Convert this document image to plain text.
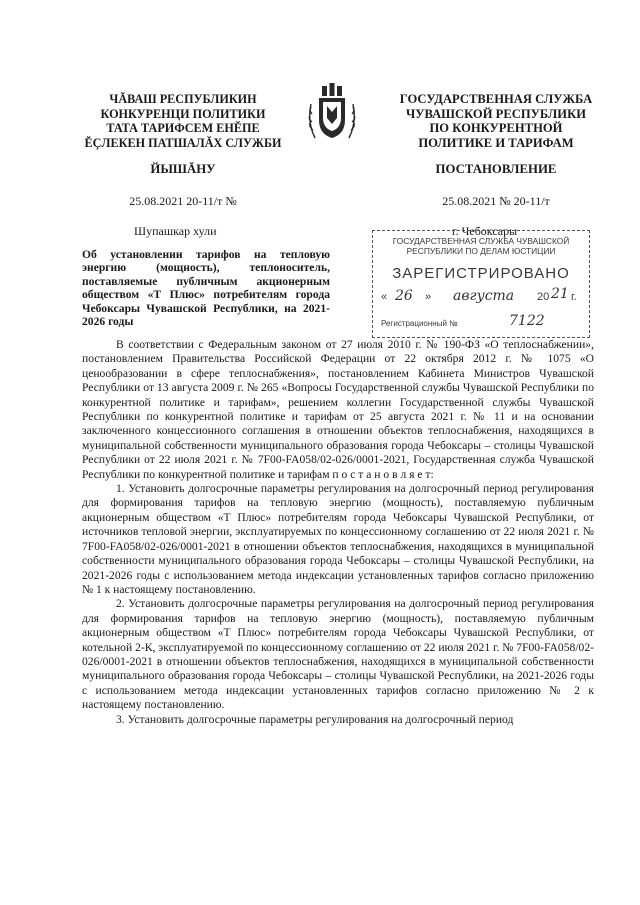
ЧĂВАШ РЕСПУБЛИКИН
КОНКУРЕНЦИ ПОЛИТИКИ
ТАТА ТАРИФСЕМ ЕНĔПЕ
ĔÇЛЕКЕН ПАТШАЛĂХ СЛУЖБИ
ГОСУДАРСТВЕННАЯ СЛУЖБА
ЧУВАШСКОЙ РЕСПУБЛИКИ
ПО КОНКУРЕНТНОЙ
ПОЛИТИКЕ И ТАРИФАМ
ЙЫШĂНУ	ПОСТАНОВЛЕНИЕ
25.08.2021 20-11/т №	25.08.2021 № 20-11/т
Шупашкар хули	г. Чебоксары
ГОСУДАРСТВЕННАЯ СЛУЖБА ЧУВАШСКОЙ
РЕСПУБЛИКИ ПО ДЕЛАМ ЮСТИЦИИ
ЗАРЕГИСТРИРОВАНО
« 26 » августа 20 21 г.
Регистрационный №	7122
Об установлении тарифов на тепловую энергию (мощность), теплоноситель, поставляемые публичным акционерным обществом «Т Плюс» потребителям города Чебоксары Чувашской Республики, на 2021-2026 годы

В соответствии с Федеральным законом от 27 июля 2010 г. № 190-ФЗ «О теплоснабжении», постановлением Правительства Российской Федерации от 22 октября 2012 г. № 1075 «О ценообразовании в сфере теплоснабжения», постановлением Кабинета Министров Чувашской Республики от 13 августа 2009 г. № 265 «Вопросы Государственной службы Чувашской Республики по конкурентной политике и тарифам», решением коллегии Государственной службы Чувашской Республики по конкурентной политике и тарифам от 25 августа 2021 г. № 11 и на основании заключенного концессионного соглашения в отношении объектов теплоснабжения, находящихся в муниципальной собственности муниципального образования города Чебоксары – столицы Чувашской Республики от 22 июля 2021 г. № 7F00-FA058/02-026/0001-2021, Государственная служба Чувашской Республики по конкурентной политике и тарифам п о с т а н о в л я е т:

1. Установить долгосрочные параметры регулирования на долгосрочный период регулирования для формирования тарифов на тепловую энергию (мощность), поставляемую публичным акционерным обществом «Т Плюс» потребителям города Чебоксары Чувашской Республики, от источников тепловой энергии, эксплуатируемых по концессионному соглашению от 22 июля 2021 г. № 7F00-FA058/02-026/0001-2021 в отношении объектов теплоснабжения, находящихся в муниципальной собственности муниципального образования города Чебоксары – столицы Чувашской Республики, на 2021-2026 годы с использованием метода индексации установленных тарифов согласно приложению № 1 к настоящему постановлению.

2. Установить долгосрочные параметры регулирования на долгосрочный период регулирования для формирования тарифов на тепловую энергию (мощность), поставляемую публичным акционерным обществом «Т Плюс» потребителям города Чебоксары Чувашской Республики, от котельной 2-К, эксплуатируемой по концессионному соглашению от 22 июля 2021 г. № 7F00-FA058/02-026/0001-2021 в отношении объектов теплоснабжения, находящихся в муниципальной собственности муниципального образования города Чебоксары – столицы Чувашской Республики, на 2021-2026 годы с использованием метода индексации установленных тарифов согласно приложению № 2 к настоящему постановлению.

3. Установить долгосрочные параметры регулирования на долгосрочный период
